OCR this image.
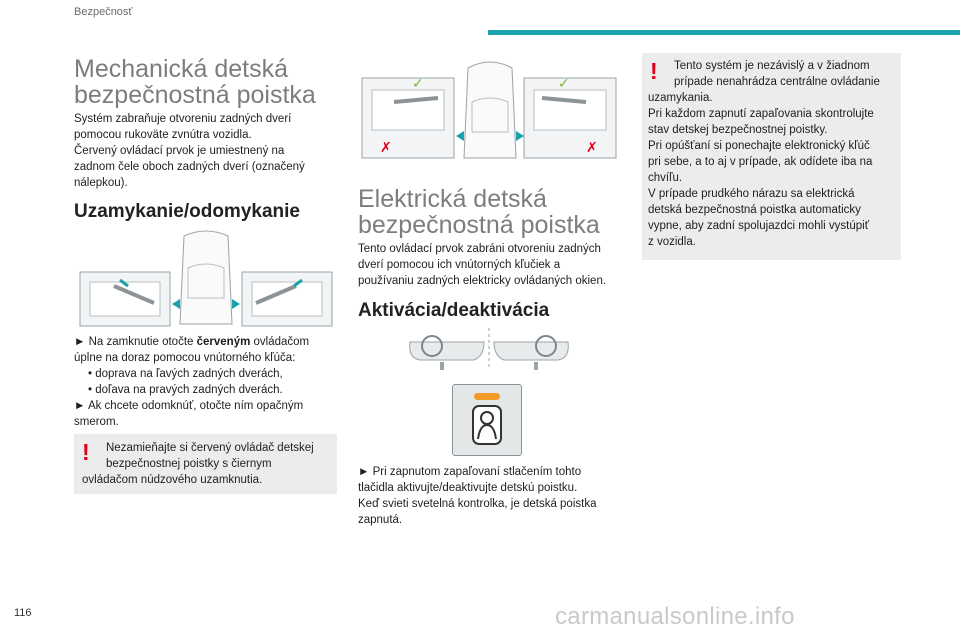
Bezpečnosť
Mechanická detská
bezpečnostná poistka
Systém zabraňuje otvoreniu zadných dverí
pomocou rukoväte zvnútra vozidla.
Červený ovládací prvok je umiestnený na
zadnom čele oboch zadných dverí (označený
nálepkou).
Uzamykanie/odomykanie
► Na zamknutie otočte červeným ovládačom
úplne na doraz pomocou vnútorného kľúča:
• doprava na ľavých zadných dverách,
• doľava na pravých zadných dverách.
► Ak chcete odomknúť, otočte ním opačným
smerom.
! Nezamieňajte si červený ovládač detskej
bezpečnostnej poistky s čiernym
ovládačom núdzového uzamknutia.
✓
✗
✓
✗
Elektrická detská
bezpečnostná poistka
Tento ovládací prvok zabráni otvoreniu zadných
dverí pomocou ich vnútorných kľučiek a
používaniu zadných elektricky ovládaných okien.
Aktivácia/deaktivácia
► Pri zapnutom zapaľovaní stlačením tohto
tlačidla aktivujte/deaktivujte detskú poistku.
Keď svieti svetelná kontrolka, je detská poistka
zapnutá.
! Tento systém je nezávislý a v žiadnom
prípade nenahrádza centrálne ovládanie
uzamykania.
Pri každom zapnutí zapaľovania skontrolujte
stav detskej bezpečnostnej poistky.
Pri opúšťaní si ponechajte elektronický kľúč
pri sebe, a to aj v prípade, ak odídete iba na
chvíľu.
V prípade prudkého nárazu sa elektrická
detská bezpečnostná poistka automaticky
vypne, aby zadní spolujazdci mohli vystúpiť
z vozidla.
116	carmanualsonline.info
